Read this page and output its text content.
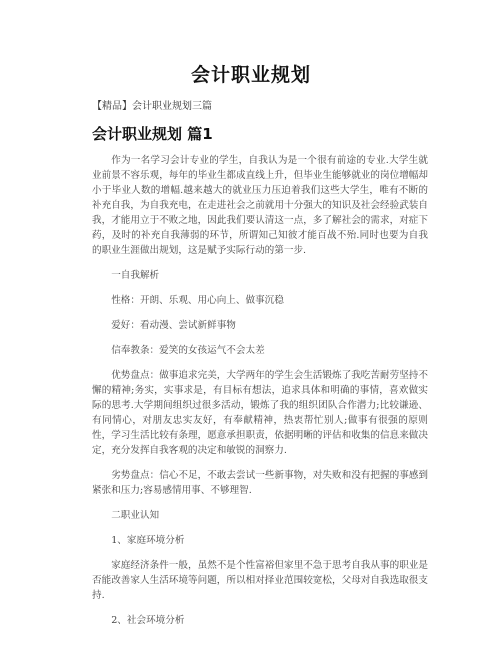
会计职业规划
【精品】会计职业规划三篇
会计职业规划 篇1

作为一名学习会计专业的学生，自我认为是一个很有前途的专业.大学生就业前景不容乐观，每年的毕业生都成直线上升，但毕业生能够就业的岗位增幅却小于毕业人数的增幅.越来越大的就业压力压迫着我们这些大学生，唯有不断的补充自我，为自我充电，在走进社会之前就用十分强大的知识及社会经验武装自我，才能用立于不败之地，因此我们要认清这一点，多了解社会的需求，对症下药，及时的补充自我薄弱的环节，所谓知己知彼才能百战不殆.同时也要为自我的职业生涯做出规划，这是赋予实际行动的第一步.

一自我解析

性格：开朗、乐观、用心向上、做事沉稳

爱好：看动漫、尝试新鲜事物

信奉教条：爱笑的女孩运气不会太差

优势盘点：做事追求完美，大学两年的学生会生活锻炼了我吃苦耐劳坚持不懈的精神;务实，实事求是，有目标有想法，追求具体和明确的事情，喜欢做实际的思考.大学期间组织过很多活动，锻炼了我的组织团队合作潜力;比较谦逊、有同情心，对朋友忠实友好，有奉献精神，热衷帮忙别人;做事有很强的原则性，学习生活比较有条理，愿意承担职责，依据明晰的评估和收集的信息来做决定，充分发挥自我客观的决定和敏锐的洞察力.

劣势盘点：信心不足，不敢去尝试一些新事物，对失败和没有把握的事感到紧张和压力;容易感情用事、不够理智.

二职业认知

1、家庭环境分析

家庭经济条件一般，虽然不是个性富裕但家里不急于思考自我从事的职业是否能改善家人生活环境等问题，所以相对择业范围较宽松，父母对自我选取很支持.

2、社会环境分析
